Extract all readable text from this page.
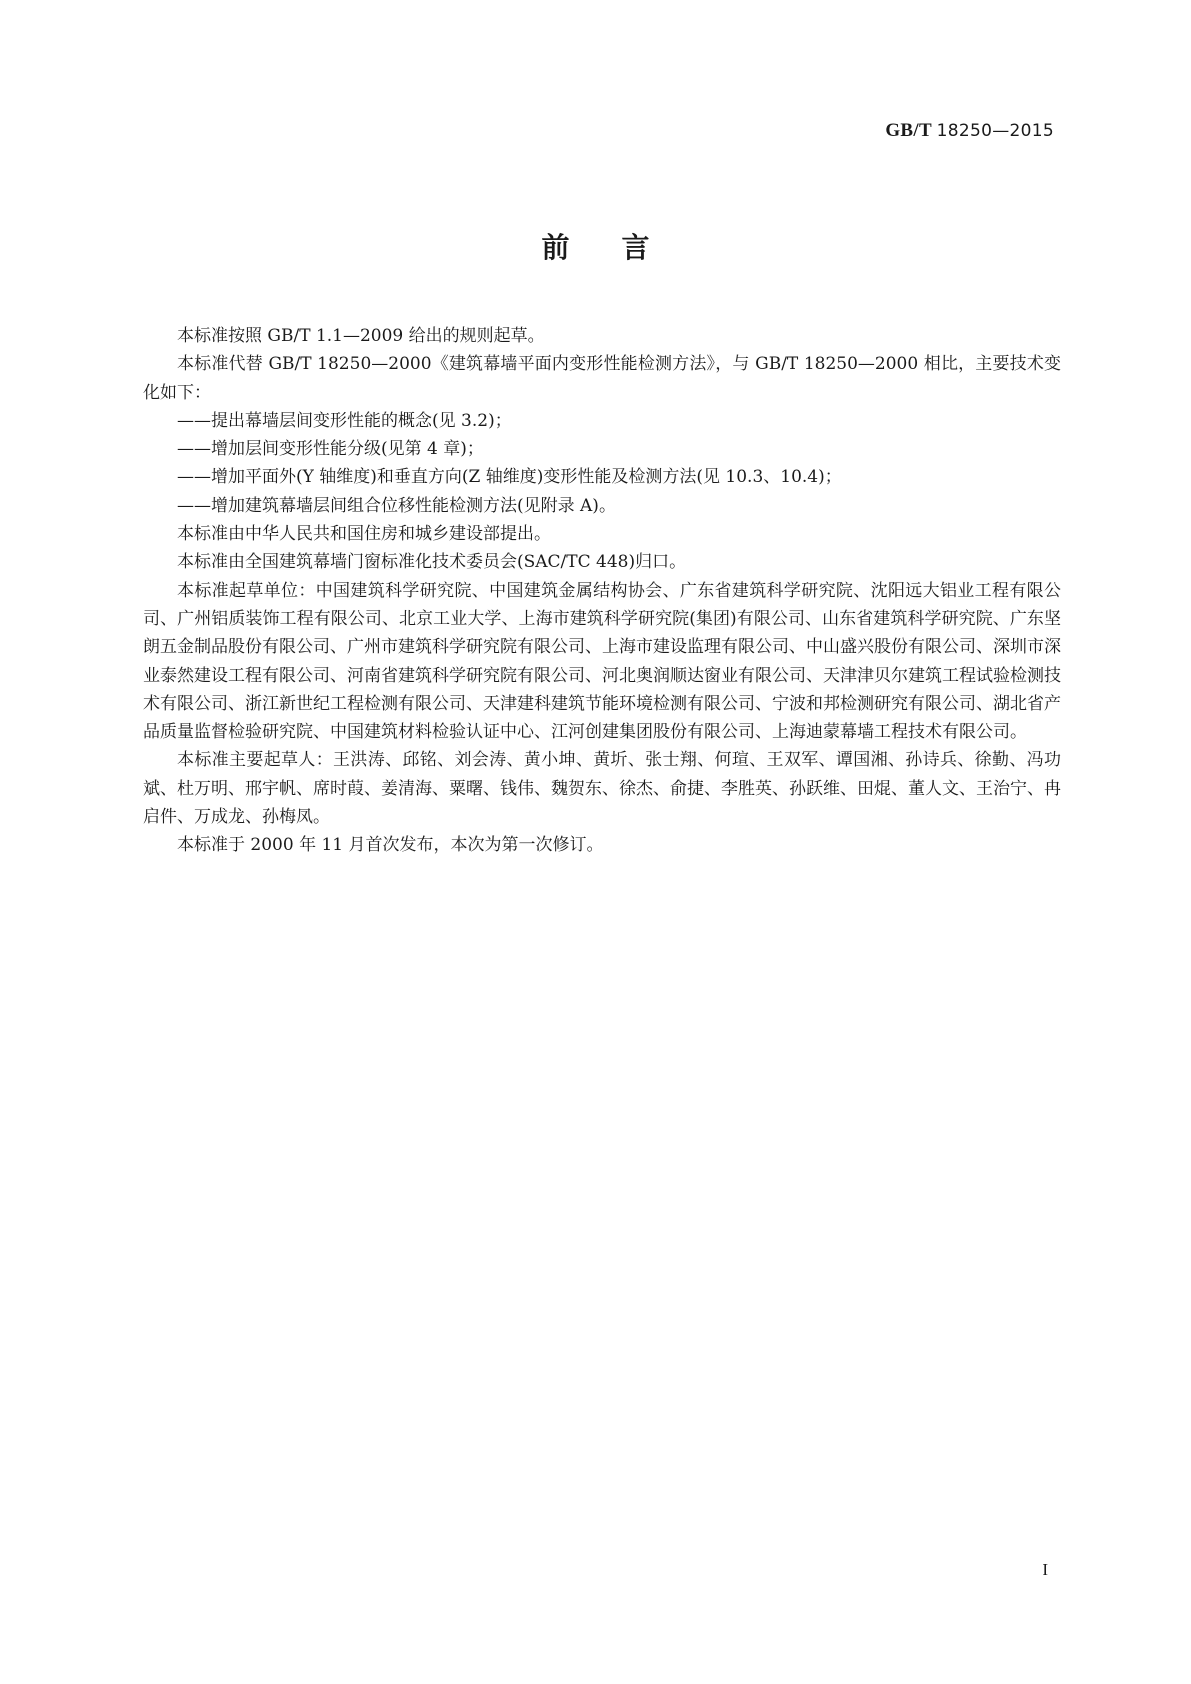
GB/T 18250—2015
前言

本标准按照 GB/T 1.1—2009 给出的规则起草。

本标准代替 GB/T 18250—2000《建筑幕墙平面内变形性能检测方法》，与 GB/T 18250—2000 相比，主要技术变化如下：

——提出幕墙层间变形性能的概念(见 3.2)；

——增加层间变形性能分级(见第 4 章)；

——增加平面外(Y 轴维度)和垂直方向(Z 轴维度)变形性能及检测方法(见 10.3、10.4)；

——增加建筑幕墙层间组合位移性能检测方法(见附录 A)。

本标准由中华人民共和国住房和城乡建设部提出。

本标准由全国建筑幕墙门窗标准化技术委员会(SAC/TC 448)归口。

本标准起草单位：中国建筑科学研究院、中国建筑金属结构协会、广东省建筑科学研究院、沈阳远大铝业工程有限公司、广州铝质装饰工程有限公司、北京工业大学、上海市建筑科学研究院(集团)有限公司、山东省建筑科学研究院、广东坚朗五金制品股份有限公司、广州市建筑科学研究院有限公司、上海市建设监理有限公司、中山盛兴股份有限公司、深圳市深业泰然建设工程有限公司、河南省建筑科学研究院有限公司、河北奥润顺达窗业有限公司、天津津贝尔建筑工程试验检测技术有限公司、浙江新世纪工程检测有限公司、天津建科建筑节能环境检测有限公司、宁波和邦检测研究有限公司、湖北省产品质量监督检验研究院、中国建筑材料检验认证中心、江河创建集团股份有限公司、上海迪蒙幕墙工程技术有限公司。

本标准主要起草人：王洪涛、邱铭、刘会涛、黄小坤、黄圻、张士翔、何瑄、王双军、谭国湘、孙诗兵、徐勤、冯功斌、杜万明、邢宇帆、席时葭、姜清海、粟曙、钱伟、魏贺东、徐杰、俞捷、李胜英、孙跃维、田焜、董人文、王治宁、冉启件、万成龙、孙梅凤。

本标准于 2000 年 11 月首次发布，本次为第一次修订。

I
